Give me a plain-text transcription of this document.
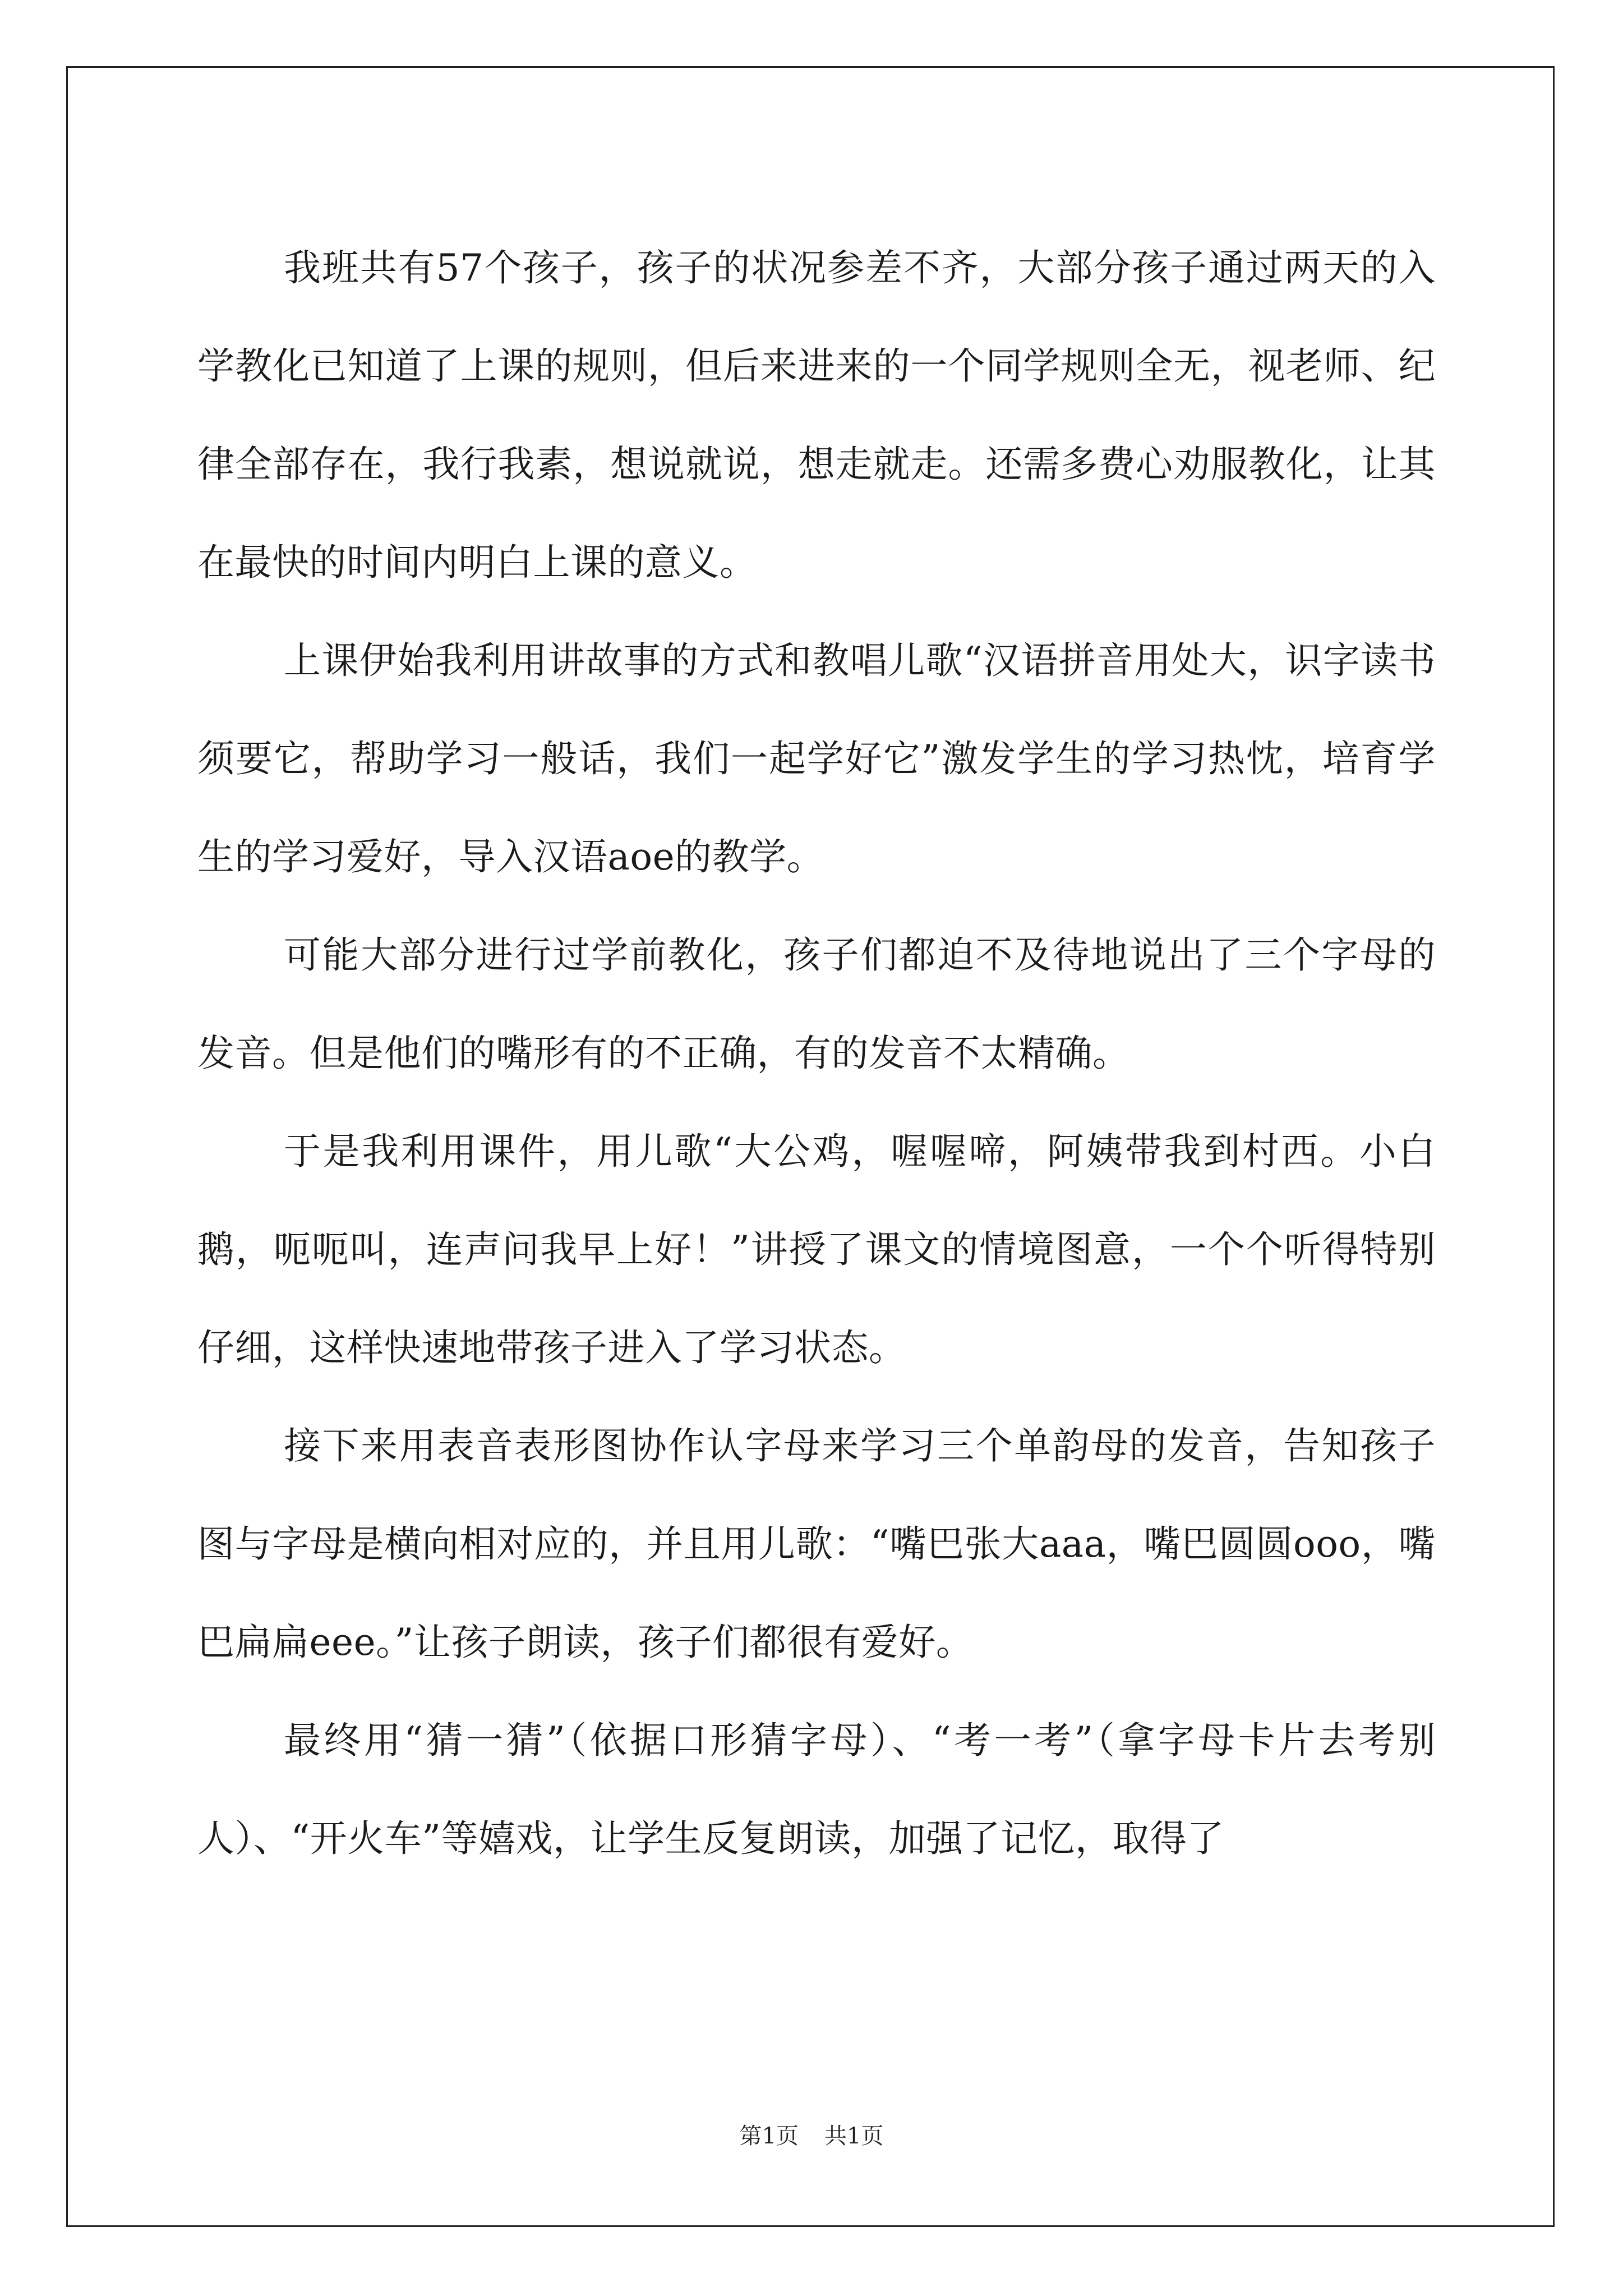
我班共有57个孩子，孩子的状况参差不齐，大部分孩子通过两天的入学教化已知道了上课的规则，但后来进来的一个同学规则全无，视老师、纪律全部存在，我行我素，想说就说，想走就走。还需多费心劝服教化，让其在最快的时间内明白上课的意义。

上课伊始我利用讲故事的方式和教唱儿歌“汉语拼音用处大，识字读书须要它，帮助学习一般话，我们一起学好它”激发学生的学习热忱，培育学生的学习爱好，导入汉语aoe的教学。

可能大部分进行过学前教化，孩子们都迫不及待地说出了三个字母的发音。但是他们的嘴形有的不正确，有的发音不太精确。

于是我利用课件，用儿歌“大公鸡，喔喔啼，阿姨带我到村西。小白鹅，呃呃叫，连声问我早上好！”讲授了课文的情境图意，一个个听得特别仔细，这样快速地带孩子进入了学习状态。

接下来用表音表形图协作认字母来学习三个单韵母的发音，告知孩子图与字母是横向相对应的，并且用儿歌：“嘴巴张大aaa，嘴巴圆圆ooo，嘴巴扁扁eee。”让孩子朗读，孩子们都很有爱好。

最终用“猜一猜”（依据口形猜字母）、“考一考”（拿字母卡片去考别人）、“开火车”等嬉戏，让学生反复朗读，加强了记忆，取得了

第1页 共1页
